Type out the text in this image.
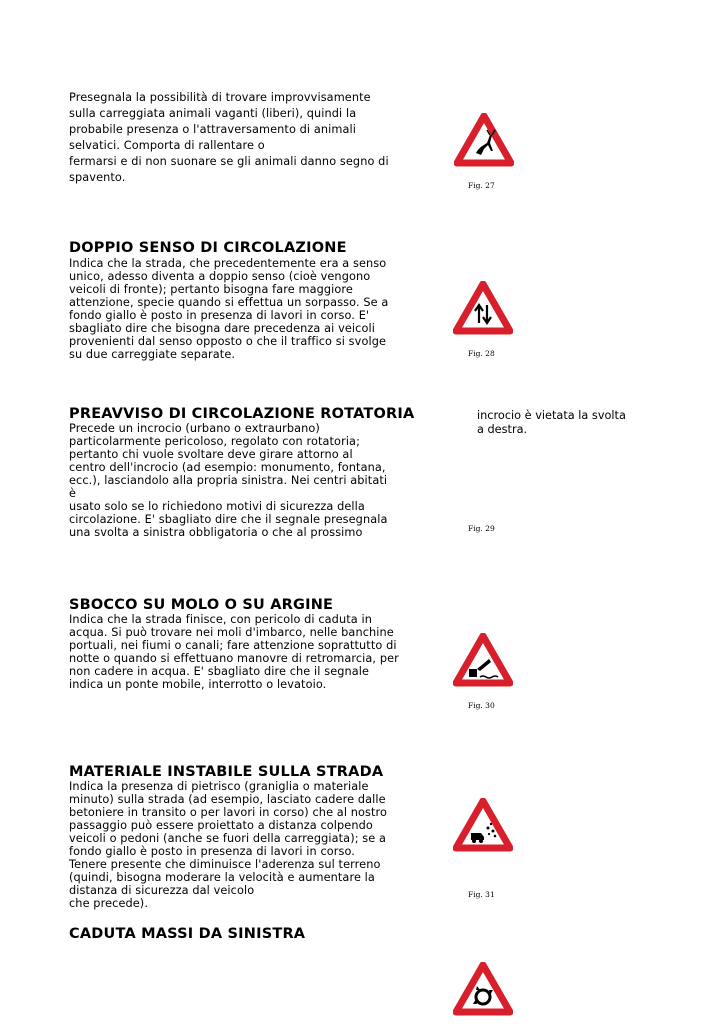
Presegnala la possibilità di trovare improvvisamente
sulla carreggiata animali vaganti (liberi), quindi la
probabile presenza o l'attraversamento di animali
selvatici. Comporta di rallentare o
fermarsi e di non suonare se gli animali danno segno di
spavento.

Fig. 27
DOPPIO SENSO DI CIRCOLAZIONE

Indica che la strada, che precedentemente era a senso
unico, adesso diventa a doppio senso (cioè vengono
veicoli di fronte); pertanto bisogna fare maggiore
attenzione, specie quando si effettua un sorpasso. Se a
fondo giallo è posto in presenza di lavori in corso. E'
sbagliato dire che bisogna dare precedenza ai veicoli
provenienti dal senso opposto o che il traffico si svolge
su due carreggiate separate.	Fig. 28
PREAVVISO DI CIRCOLAZIONE ROTATORIA

Precede un incrocio (urbano o extraurbano)
particolarmente pericoloso, regolato con rotatoria;
pertanto chi vuole svoltare deve girare attorno al
centro dell'incrocio (ad esempio: monumento, fontana,
ecc.), lasciandolo alla propria sinistra. Nei centri abitati
è
usato solo se lo richiedono motivi di sicurezza della
circolazione. E' sbagliato dire che il segnale presegnala
una svolta a sinistra obbligatoria o che al prossimo

incrocio è vietata la svolta
a destra.
Fig. 29
SBOCCO SU MOLO O SU ARGINE

Indica che la strada finisce, con pericolo di caduta in
acqua. Si può trovare nei moli d'imbarco, nelle banchine
portuali, nei fiumi o canali; fare attenzione soprattutto di
notte o quando si effettuano manovre di retromarcia, per
non cadere in acqua. E' sbagliato dire che il segnale
indica un ponte mobile, interrotto o levatoio.

Fig. 30
MATERIALE INSTABILE SULLA STRADA

Indica la presenza di pietrisco (graniglia o materiale
minuto) sulla strada (ad esempio, lasciato cadere dalle
betoniere in transito o per lavori in corso) che al nostro
passaggio può essere proiettato a distanza colpendo
veicoli o pedoni (anche se fuori della carreggiata); se a
fondo giallo è posto in presenza di lavori in corso.
Tenere presente che diminuisce l'aderenza sul terreno
(quindi, bisogna moderare la velocità e aumentare la
distanza di sicurezza dal veicolo
che precede).

Fig. 31
CADUTA MASSI DA SINISTRA
